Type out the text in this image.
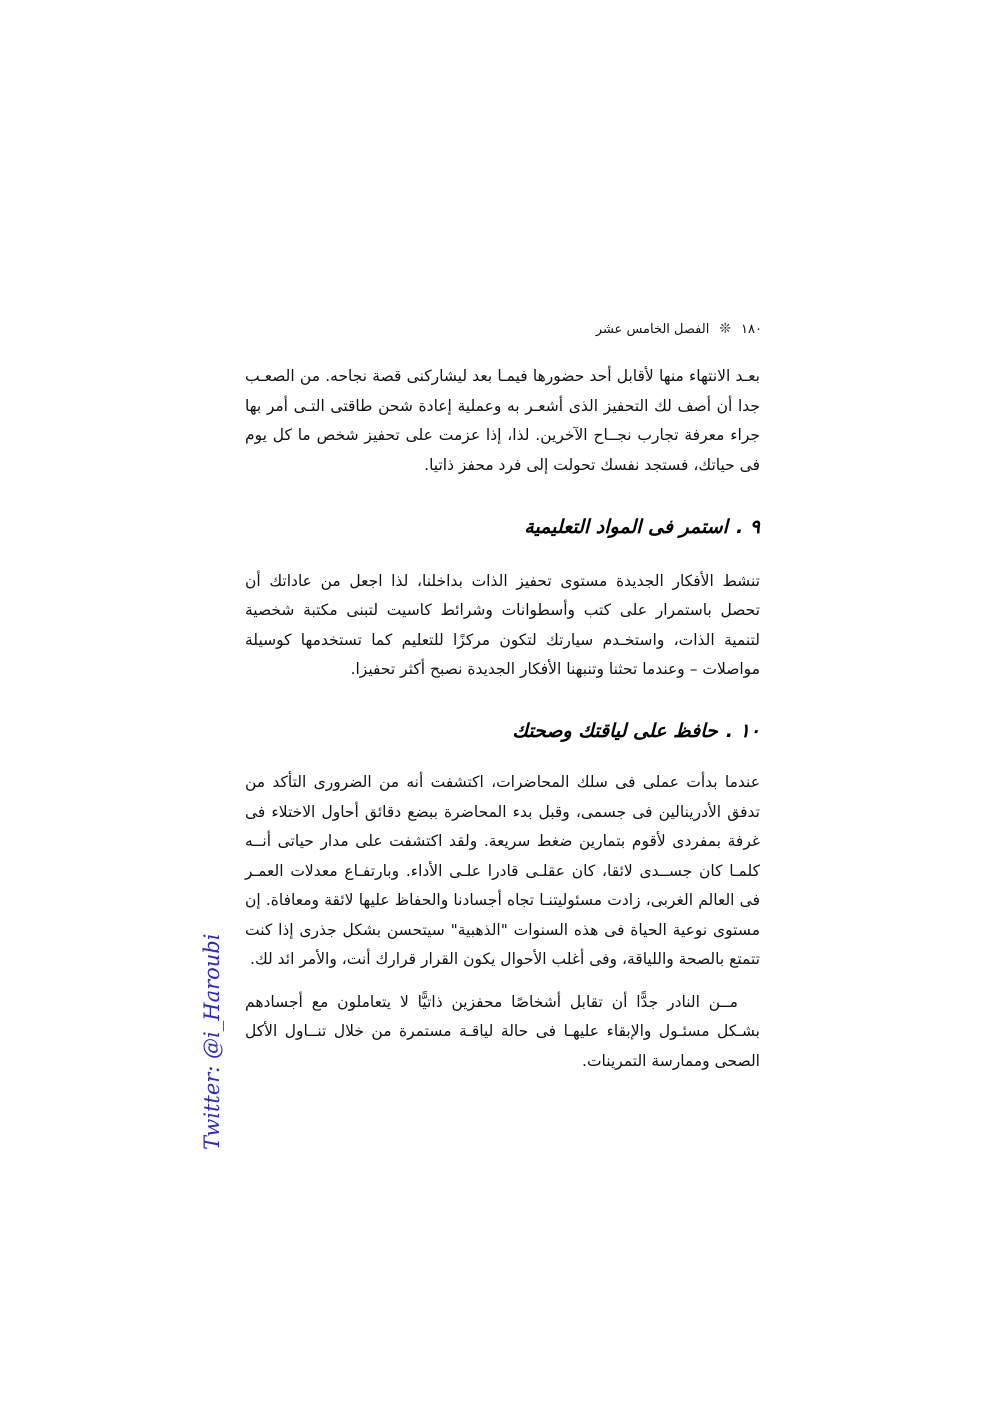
١٨٠
❊
الفصل الخامس عشر

بعـد الانتهاء منها لأقابل أحد حضورها فيمـا بعد ليشاركنى قصة نجاحه. من الصعـب جدا أن أصف لك التحفيز الذى أشعـر به وعملية إعادة شحن طاقتى التـى أمر بها جراء معرفة تجارب نجــاح الآخرين. لذا، إذا عزمت على تحفيز شخص ما كل يوم فى حياتك، فستجد نفسك تحولت إلى فرد محفز ذاتيا.

٩ .
استمر فى المواد التعليمية

تنشط الأفكار الجديدة مستوى تحفيز الذات بداخلنا، لذا اجعل من عاداتك أن تحصل باستمرار على كتب وأسطوانات وشرائط كاسيت لتبنى مكتبة شخصية لتنمية الذات، واستخـدم سيارتك لتكون مركزًا للتعليم كما تستخدمها كوسيلة مواصلات – وعندما تحثنا وتنبهنا الأفكار الجديدة نصبح أكثر تحفيزا.

١٠ .
حافظ على لياقتك وصحتك

عندما بدأت عملى فى سلك المحاضرات، اكتشفت أنه من الضرورى التأكد من تدفق الأدرينالين فى جسمى، وقبل بدء المحاضرة ببضع دقائق أحاول الاختلاء فى غرفة بمفردى لأقوم بتمارين ضغط سريعة. ولقد اكتشفت على مدار حياتى أنــه كلمـا كان جســدى لائقا، كان عقلـى قادرا علـى الأداء. وبارتفـاع معدلات العمـر فى العالم الغربى، زادت مسئوليتنـا تجاه أجسادنا والحفاظ عليها لائقة ومعافاة. إن مستوى نوعية الحياة فى هذه السنوات "الذهبية" سيتحسن بشكل جذرى إذا كنت تتمتع بالصحة واللياقة، وفى أغلب الأحوال يكون القرار قرارك أنت، والأمر ائد لك.

مــن النادر جدًّا أن تقابل أشخاصًا محفزين ذاتيًّا لا يتعاملون مع أجسادهم بشـكل مسئـول والإبقاء عليهـا فى حالة لياقـة مستمرة من خلال تنــاول الأكل الصحى وممارسة التمرينات.

Twitter: @i_Haroubi
